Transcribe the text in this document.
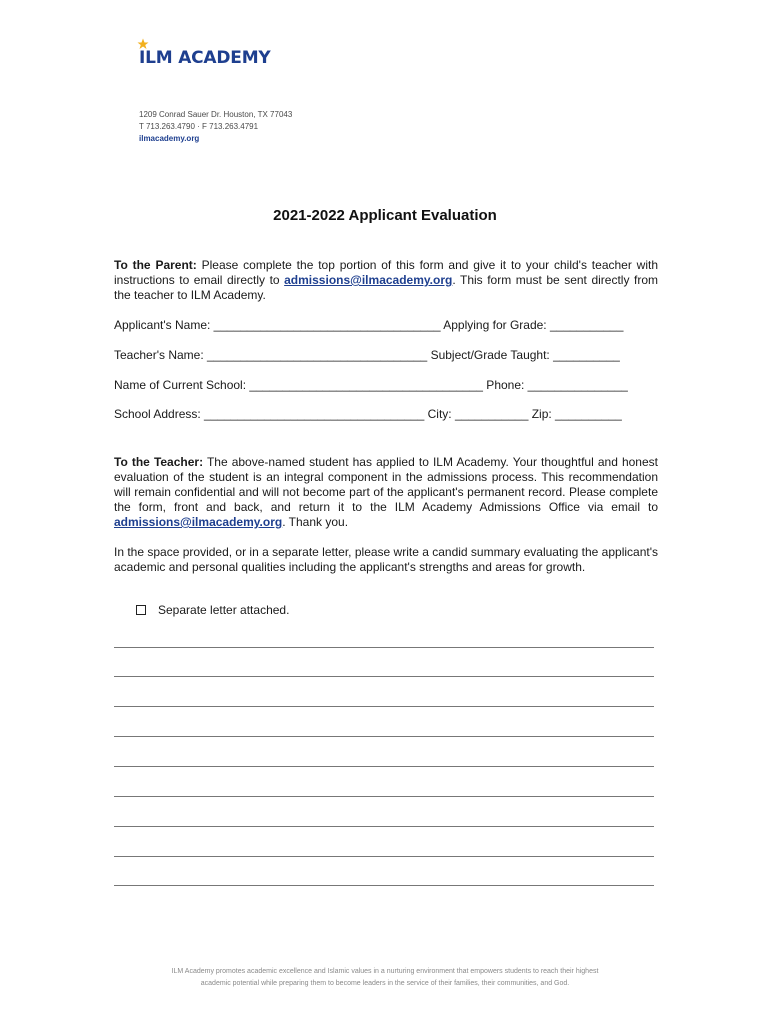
ILM ACADEMY
1209 Conrad Sauer Dr. Houston, TX 77043
T 713.263.4790 · F 713.263.4791
ilmacademy.org
2021-2022 Applicant Evaluation
To the Parent: Please complete the top portion of this form and give it to your child's teacher with instructions to email directly to admissions@ilmacademy.org. This form must be sent directly from the teacher to ILM Academy.
Applicant's Name: __________________________________ Applying for Grade: ___________
Teacher's Name: _________________________________ Subject/Grade Taught: __________
Name of Current School: ___________________________________ Phone: _______________
School Address: _________________________________ City: ___________ Zip: __________
To the Teacher: The above-named student has applied to ILM Academy. Your thoughtful and honest evaluation of the student is an integral component in the admissions process. This recommendation will remain confidential and will not become part of the applicant's permanent record. Please complete the form, front and back, and return it to the ILM Academy Admissions Office via email to admissions@ilmacademy.org. Thank you.
In the space provided, or in a separate letter, please write a candid summary evaluating the applicant's academic and personal qualities including the applicant's strengths and areas for growth.
Separate letter attached.
ILM Academy promotes academic excellence and Islamic values in a nurturing environment that empowers students to reach their highest
academic potential while preparing them to become leaders in the service of their families, their communities, and God.
